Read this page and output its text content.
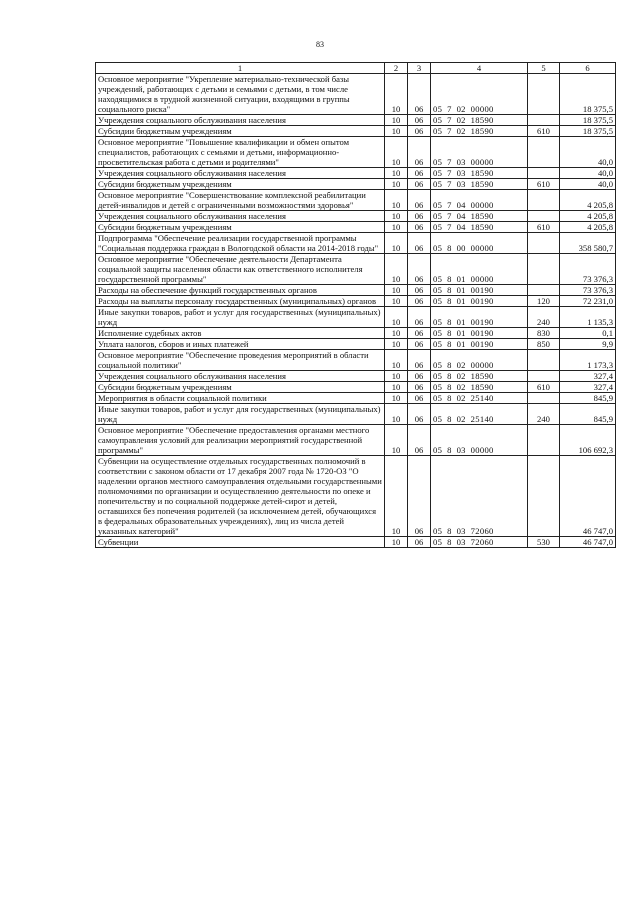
83
1	2	3	4	5	6
Основное мероприятие "Укрепление материально-технической базы учреждений, работающих с детьми и семьями с детьми, в том числе находящимися в трудной жизненной ситуации, входящими в группы социального риска"	10	06	05  7  02  00000		18 375,5
Учреждения социального обслуживания населения	10	06	05  7  02  18590		18 375,5
Субсидии бюджетным учреждениям	10	06	05  7  02  18590	610	18 375,5
Основное мероприятие "Повышение квалификации и обмен опытом специалистов, работающих с семьями и детьми, информационно-просветительская работа с детьми и родителями"	10	06	05  7  03  00000		40,0
Учреждения социального обслуживания населения	10	06	05  7  03  18590		40,0
Субсидии бюджетным учреждениям	10	06	05  7  03  18590	610	40,0
Основное мероприятие "Совершенствование комплексной реабилитации детей-инвалидов и детей с ограниченными возможностями здоровья"	10	06	05  7  04  00000		4 205,8
Учреждения социального обслуживания населения	10	06	05  7  04  18590		4 205,8
Субсидии бюджетным учреждениям	10	06	05  7  04  18590	610	4 205,8
Подпрограмма "Обеспечение реализации государственной программы "Социальная поддержка граждан в Вологодской области на 2014-2018 годы"	10	06	05  8  00  00000		358 580,7
Основное мероприятие "Обеспечение деятельности Департамента социальной защиты населения области как ответственного исполнителя государственной программы"	10	06	05  8  01  00000		73 376,3
Расходы на обеспечение функций государственных органов	10	06	05  8  01  00190		73 376,3
Расходы на выплаты персоналу государственных (муниципальных) органов	10	06	05  8  01  00190	120	72 231,0
Иные закупки товаров, работ и услуг для государственных (муниципальных) нужд	10	06	05  8  01  00190	240	1 135,3
Исполнение судебных актов	10	06	05  8  01  00190	830	0,1
Уплата налогов, сборов и иных платежей	10	06	05  8  01  00190	850	9,9
Основное мероприятие "Обеспечение проведения мероприятий в области социальной политики"	10	06	05  8  02  00000		1 173,3
Учреждения социального обслуживания населения	10	06	05  8  02  18590		327,4
Субсидии бюджетным учреждениям	10	06	05  8  02  18590	610	327,4
Мероприятия в области социальной политики	10	06	05  8  02  25140		845,9
Иные закупки товаров, работ и услуг для государственных (муниципальных) нужд	10	06	05  8  02  25140	240	845,9
Основное мероприятие "Обеспечение предоставления органами местного самоуправления условий для реализации мероприятий государственной программы"	10	06	05  8  03  00000		106 692,3
Субвенции на осуществление отдельных государственных полномочий в соответствии с законом области от 17 декабря 2007 года № 1720-ОЗ "О наделении органов местного самоуправления отдельными государственными полномочиями по организации и осуществлению деятельности по опеке и попечительству и по социальной поддержке детей-сирот и детей, оставшихся без попечения родителей (за исключением детей, обучающихся в федеральных образовательных учреждениях), лиц из числа детей указанных категорий"	10	06	05  8  03  72060		46 747,0
Субвенции	10	06	05  8  03  72060	530	46 747,0
